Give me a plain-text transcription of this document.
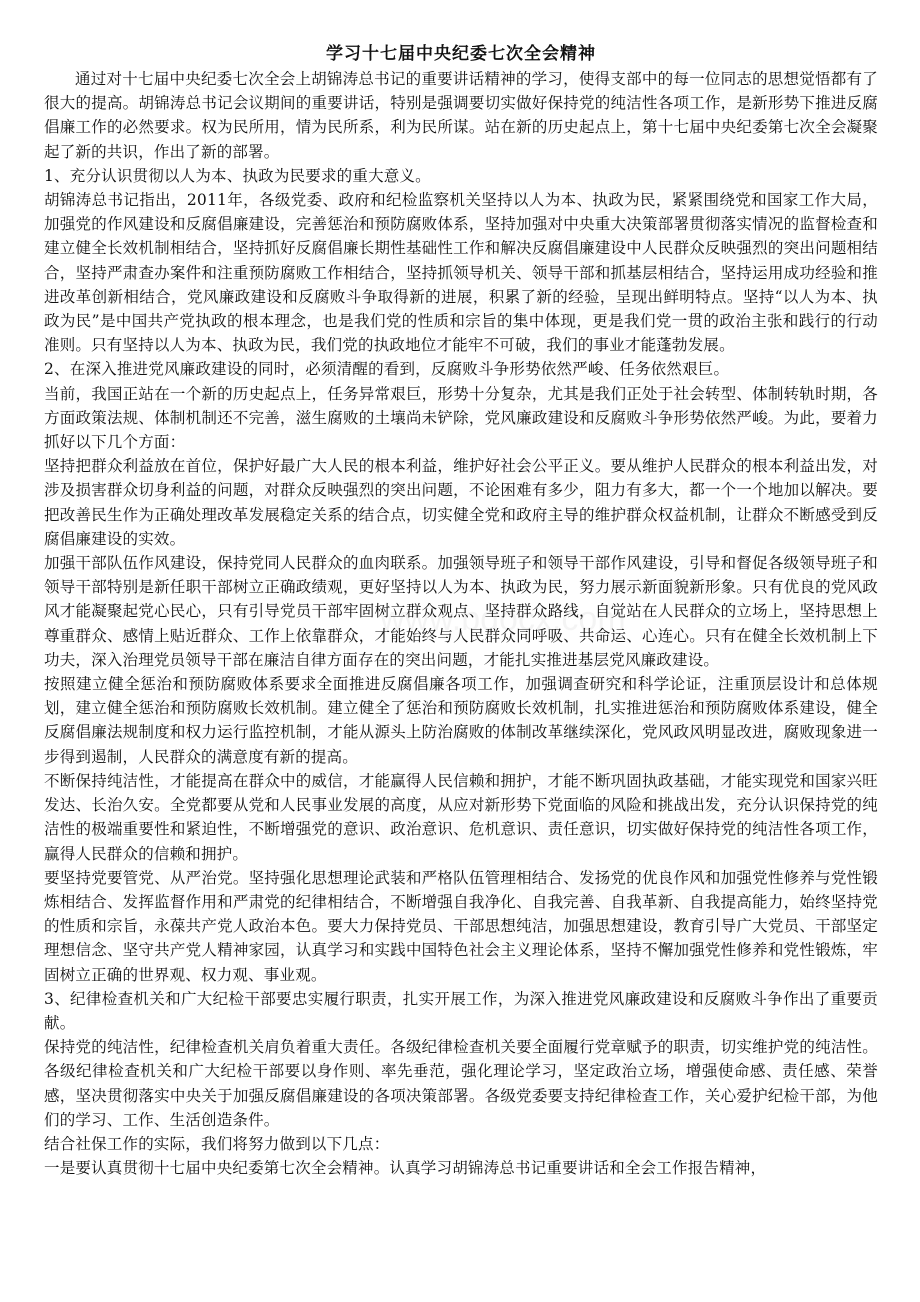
学习十七届中央纪委七次全会精神

通过对十七届中央纪委七次全会上胡锦涛总书记的重要讲话精神的学习，使得支部中的每一位同志的思想觉悟都有了很大的提高。胡锦涛总书记会议期间的重要讲话，特别是强调要切实做好保持党的纯洁性各项工作，是新形势下推进反腐倡廉工作的必然要求。权为民所用，情为民所系，利为民所谋。站在新的历史起点上，第十七届中央纪委第七次全会凝聚起了新的共识，作出了新的部署。

1、充分认识贯彻以人为本、执政为民要求的重大意义。

胡锦涛总书记指出，2011年，各级党委、政府和纪检监察机关坚持以人为本、执政为民，紧紧围绕党和国家工作大局，加强党的作风建设和反腐倡廉建设，完善惩治和预防腐败体系，坚持加强对中央重大决策部署贯彻落实情况的监督检查和建立健全长效机制相结合，坚持抓好反腐倡廉长期性基础性工作和解决反腐倡廉建设中人民群众反映强烈的突出问题相结合，坚持严肃查办案件和注重预防腐败工作相结合，坚持抓领导机关、领导干部和抓基层相结合，坚持运用成功经验和推进改革创新相结合，党风廉政建设和反腐败斗争取得新的进展，积累了新的经验，呈现出鲜明特点。坚持“以人为本、执政为民”是中国共产党执政的根本理念，也是我们党的性质和宗旨的集中体现，更是我们党一贯的政治主张和践行的行动准则。只有坚持以人为本、执政为民，我们党的执政地位才能牢不可破，我们的事业才能蓬勃发展。

2、在深入推进党风廉政建设的同时，必须清醒的看到，反腐败斗争形势依然严峻、任务依然艰巨。

当前，我国正站在一个新的历史起点上，任务异常艰巨，形势十分复杂，尤其是我们正处于社会转型、体制转轨时期，各方面政策法规、体制机制还不完善，滋生腐败的土壤尚未铲除，党风廉政建设和反腐败斗争形势依然严峻。为此，要着力抓好以下几个方面：

坚持把群众利益放在首位，保护好最广大人民的根本利益，维护好社会公平正义。要从维护人民群众的根本利益出发，对涉及损害群众切身利益的问题，对群众反映强烈的突出问题，不论困难有多少，阻力有多大，都一个一个地加以解决。要把改善民生作为正确处理改革发展稳定关系的结合点，切实健全党和政府主导的维护群众权益机制，让群众不断感受到反腐倡廉建设的实效。

加强干部队伍作风建设，保持党同人民群众的血肉联系。加强领导班子和领导干部作风建设，引导和督促各级领导班子和领导干部特别是新任职干部树立正确政绩观，更好坚持以人为本、执政为民，努力展示新面貌新形象。只有优良的党风政风才能凝聚起党心民心，只有引导党员干部牢固树立群众观点、坚持群众路线，自觉站在人民群众的立场上，坚持思想上尊重群众、感情上贴近群众、工作上依靠群众，才能始终与人民群众同呼吸、共命运、心连心。只有在健全长效机制上下功夫，深入治理党员领导干部在廉洁自律方面存在的突出问题，才能扎实推进基层党风廉政建设。

按照建立健全惩治和预防腐败体系要求全面推进反腐倡廉各项工作，加强调查研究和科学论证，注重顶层设计和总体规划，建立健全惩治和预防腐败长效机制。建立健全了惩治和预防腐败长效机制，扎实推进惩治和预防腐败体系建设，健全反腐倡廉法规制度和权力运行监控机制，才能从源头上防治腐败的体制改革继续深化，党风政风明显改进，腐败现象进一步得到遏制，人民群众的满意度有新的提高。

不断保持纯洁性，才能提高在群众中的威信，才能赢得人民信赖和拥护，才能不断巩固执政基础，才能实现党和国家兴旺发达、长治久安。全党都要从党和人民事业发展的高度，从应对新形势下党面临的风险和挑战出发，充分认识保持党的纯洁性的极端重要性和紧迫性，不断增强党的意识、政治意识、危机意识、责任意识，切实做好保持党的纯洁性各项工作，赢得人民群众的信赖和拥护。

要坚持党要管党、从严治党。坚持强化思想理论武装和严格队伍管理相结合、发扬党的优良作风和加强党性修养与党性锻炼相结合、发挥监督作用和严肃党的纪律相结合，不断增强自我净化、自我完善、自我革新、自我提高能力，始终坚持党的性质和宗旨，永葆共产党人政治本色。要大力保持党员、干部思想纯洁，加强思想建设，教育引导广大党员、干部坚定理想信念、坚守共产党人精神家园，认真学习和实践中国特色社会主义理论体系，坚持不懈加强党性修养和党性锻炼，牢固树立正确的世界观、权力观、事业观。

3、纪律检查机关和广大纪检干部要忠实履行职责，扎实开展工作，为深入推进党风廉政建设和反腐败斗争作出了重要贡献。

保持党的纯洁性，纪律检查机关肩负着重大责任。各级纪律检查机关要全面履行党章赋予的职责，切实维护党的纯洁性。各级纪律检查机关和广大纪检干部要以身作则、率先垂范，强化理论学习，坚定政治立场，增强使命感、责任感、荣誉感，坚决贯彻落实中央关于加强反腐倡廉建设的各项决策部署。各级党委要支持纪律检查工作，关心爱护纪检干部，为他们的学习、工作、生活创造条件。

结合社保工作的实际，我们将努力做到以下几点：

一是要认真贯彻十七届中央纪委第七次全会精神。认真学习胡锦涛总书记重要讲话和全会工作报告精神，
